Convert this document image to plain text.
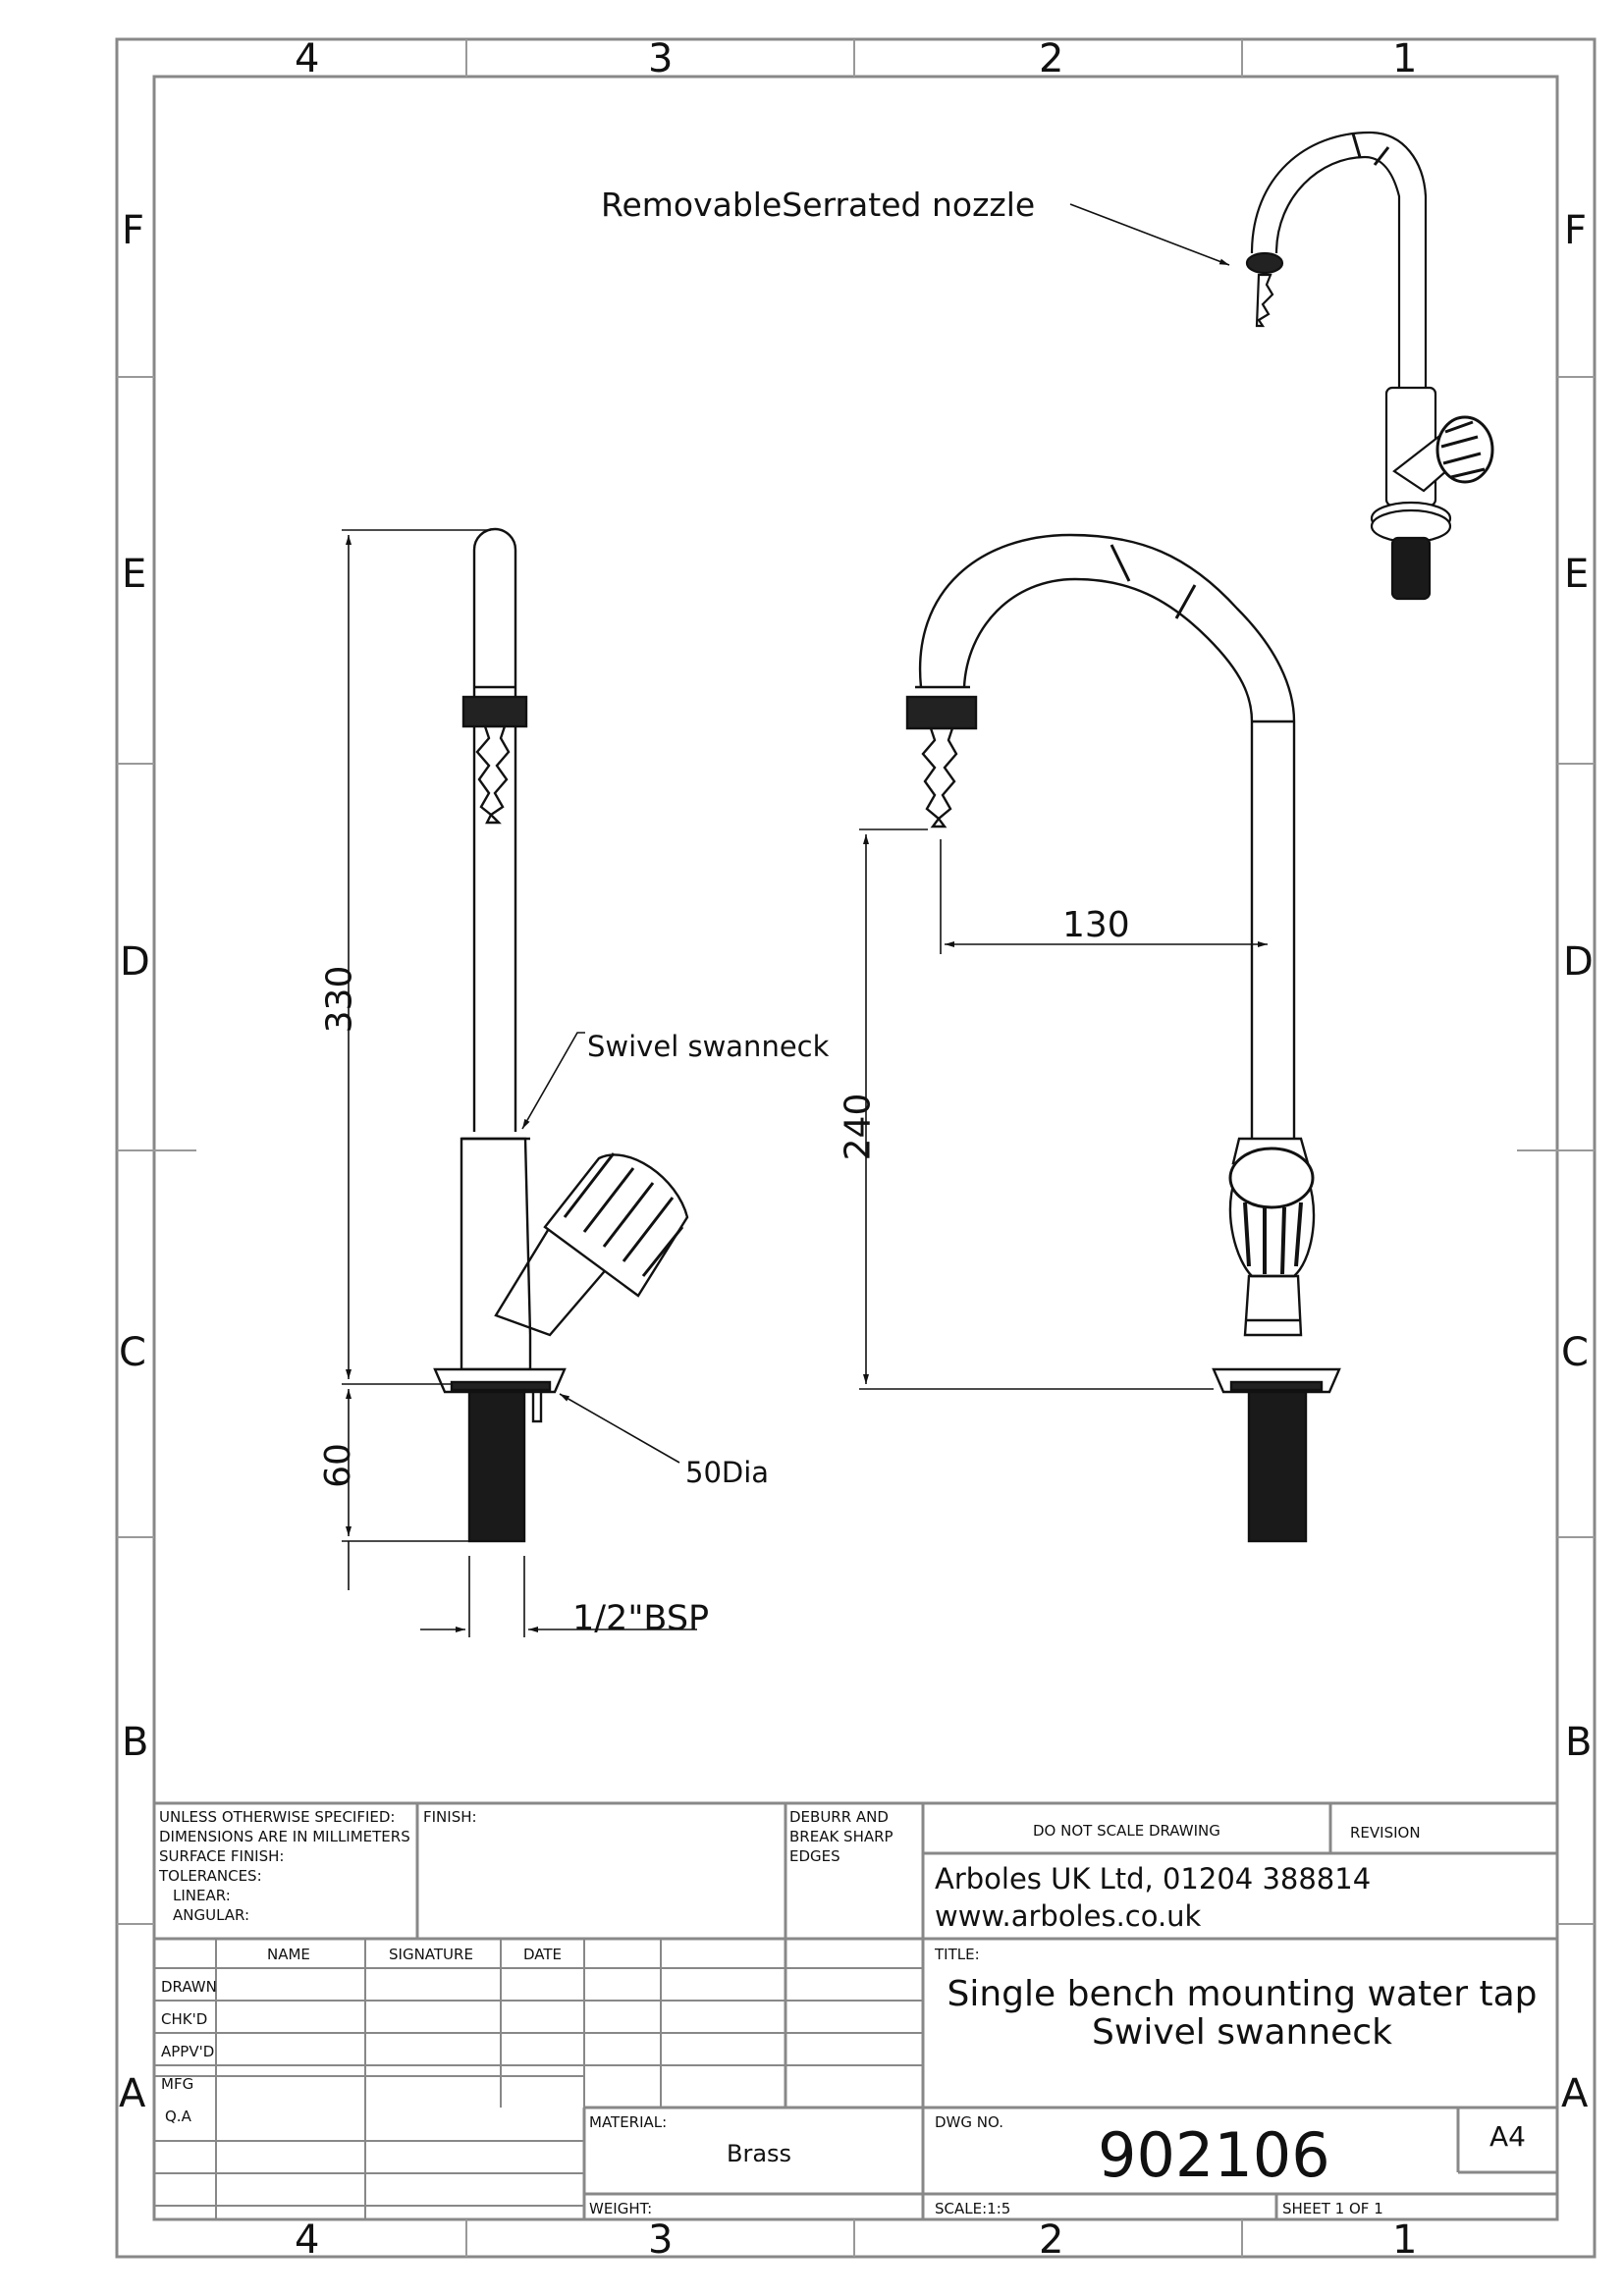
4	3	2	1
4	3	2	1
F
E
D
C
B
A
F
E
D
C
B
A
RemovableSerrated nozzle
Swivel swanneck
50Dia
1/2"BSP
330
60
130
240
UNLESS OTHERWISE SPECIFIED:
DIMENSIONS ARE IN MILLIMETERS
SURFACE FINISH:
TOLERANCES:
LINEAR:
ANGULAR:
FINISH:	DEBURR AND
BREAK SHARP
EDGES
DO NOT SCALE DRAWING	REVISION
Arboles UK Ltd, 01204 388814
www.arboles.co.uk
NAME	SIGNATURE	DATE
DRAWN
CHK'D
APPV'D
MFG
Q.A
TITLE:
Single bench mounting water tap
Swivel swanneck
MATERIAL:
Brass
WEIGHT:
DWG NO. 902106	A4
SCALE:1:5	SHEET 1 OF 1
